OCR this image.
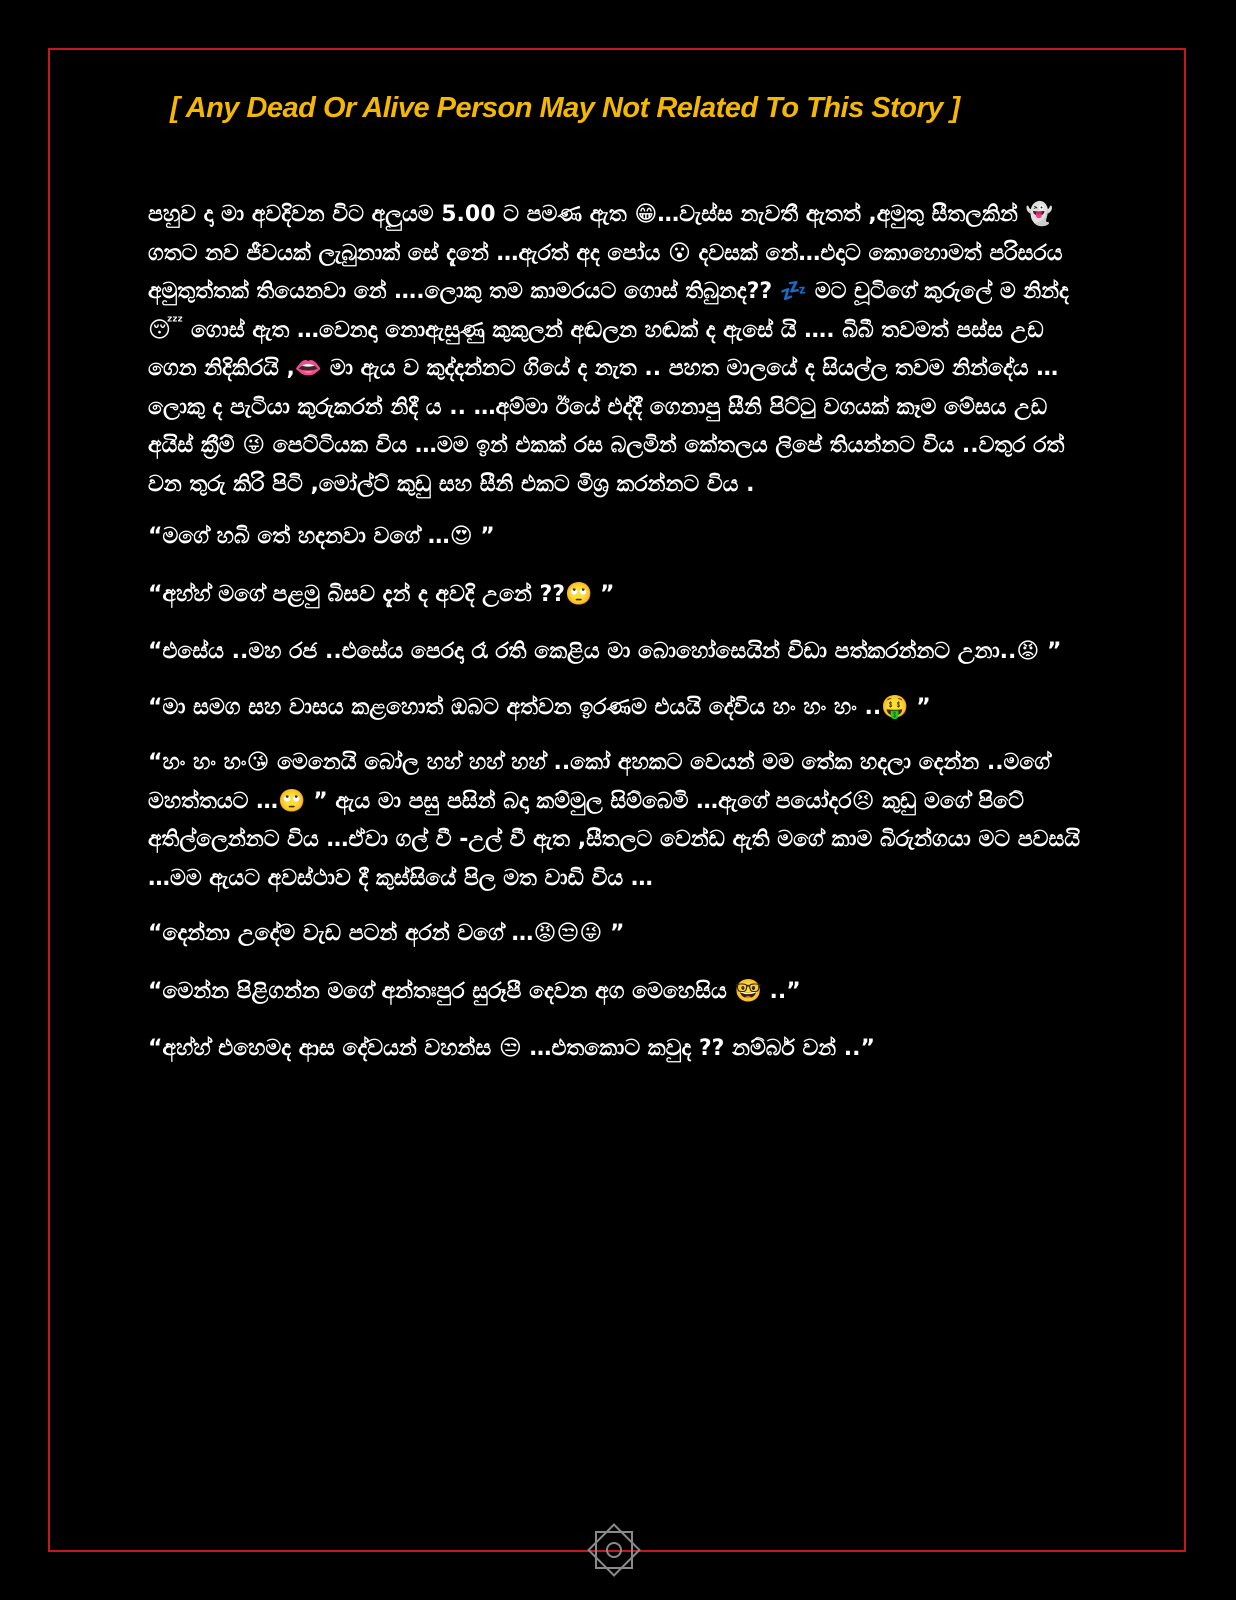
[ Any Dead Or Alive Person May Not Related To This Story ]

පහුව දා මා අවදිවන විට අලුයම 5.00 ට පමණ ඇත 😁…වැස්ස නැවතී ඇතත් ,අමුතු සීතලකින් 👻 ගතට නව ජීවයක් ලැබුනාක් සේ දැනේ …ඇරත් අද පෝය 😮 දවසක් නේ…එදාට කොහොමත් පරිසරය අමුතුත්තක් තියෙනවා නේ ….ලොකු තම කාමරයට ගොස් තිබුනද?? 💤 මට චූටිගේ කුරුලේ ම නින්ද 😴 ගොස් ඇත …වෙනදා නොඇසුණු කුකුලන් අඬලන හඬක් ද ඇසේ යි …. බිබී තවමත් පස්ස උඩ ගෙන නිදිකිරයි ,👄 මා ඇය ව කුද්දන්නට ගියේ ද නැත .. පහත මාලයේ ද සියල්ල තවම නින්දේය …ලොකු ද පැටියා කුරුකරන් නිදී ය .. …අම්මා ඊයේ එද්දී ගෙනාපු සීනි පිට්ටු වගයක් කෑම මේසය උඩ අයිස් ක්‍රීම් 😜 පෙට්ටියක විය …මම ඉන් එකක් රස බලමින් කේතලය ලිපේ තියන්නට විය ..වතුර රත් වන තුරු කිරි පිටි ,මෝල්ට් කුඩු සහ සීනි එකට මිශ්‍ර කරන්නට විය .

“මගේ හබි තේ හදනවා වගේ …😍 ”

“අහ්හ් මගේ පළමු බිසව දැන් ද අවදි උනේ ??🙄 ”

“එසේය ..මහ රජ ..එසේය පෙරදා රෑ රති කෙළිය මා බොහෝසෙයින් විඩා පත්කරන්නට උනා..😡 ”

“මා සමග සහ වාසය කළහොත් ඔබට අත්වන ඉරණම එයයි දේවිය හං හං හං ..🤑 ”

“හං හං හං😘 මෙනෙයි බෝල හහ් හහ් හහ් ..කෝ අහකට වෙයන් මම තේක හදලා දෙන්න ..මගේ මහත්තයට …🙄 ” ඇය මා පසු පසින් බදා කම්මුල සිම්බෙමි …ඇගේ පයෝදර😣 කුඩු මගේ පිටේ අතිල්ලෙන්නට විය …ඒවා ගල් වී -උල් වී ඇත ,සීතලට වෙන්ඩ ඇති මගේ කාම බිරුන්ගයා මට පවසයි …මම ඇයට අවස්ථාව දී කුස්සියේ පිල මත වාඩි විය …

“දෙන්නා උදේම වැඩ පටන් අරන් වගේ …😡😒😜 ”

“මෙන්න පිළිගන්න මගේ අන්තඃපුර සුරූපී දෙවන අග මෙහෙසිය 🤓 ..”

“අහ්හ් එහෙමද ආස දේවයන් වහන්ස 😒 …එතකොට කවුද ?? නම්බර් වන් ..”
